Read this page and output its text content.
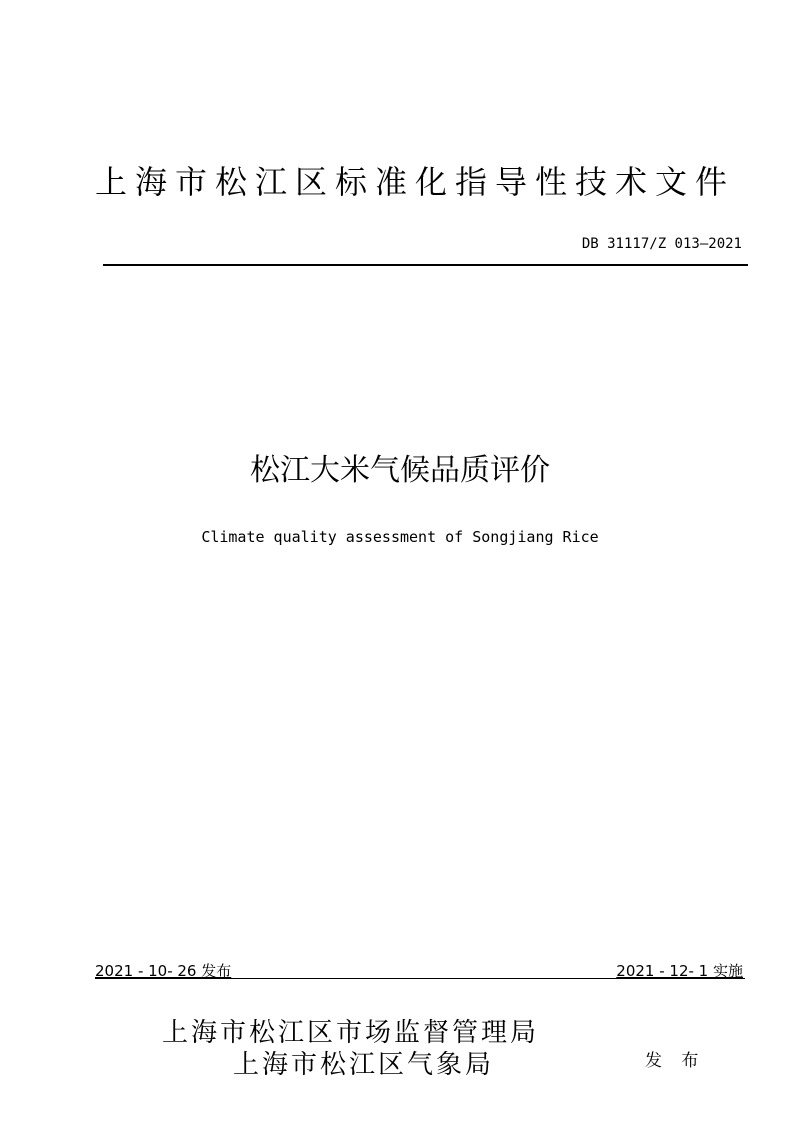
上海市松江区标准化指导性技术文件
DB 31117/Z 013—2021
松江大米气候品质评价
Climate quality assessment of Songjiang Rice
2021 - 10- 26 发布	2021 - 12- 1 实施
上海市松江区市场监督管理局
上海市松江区气象局	发 布
